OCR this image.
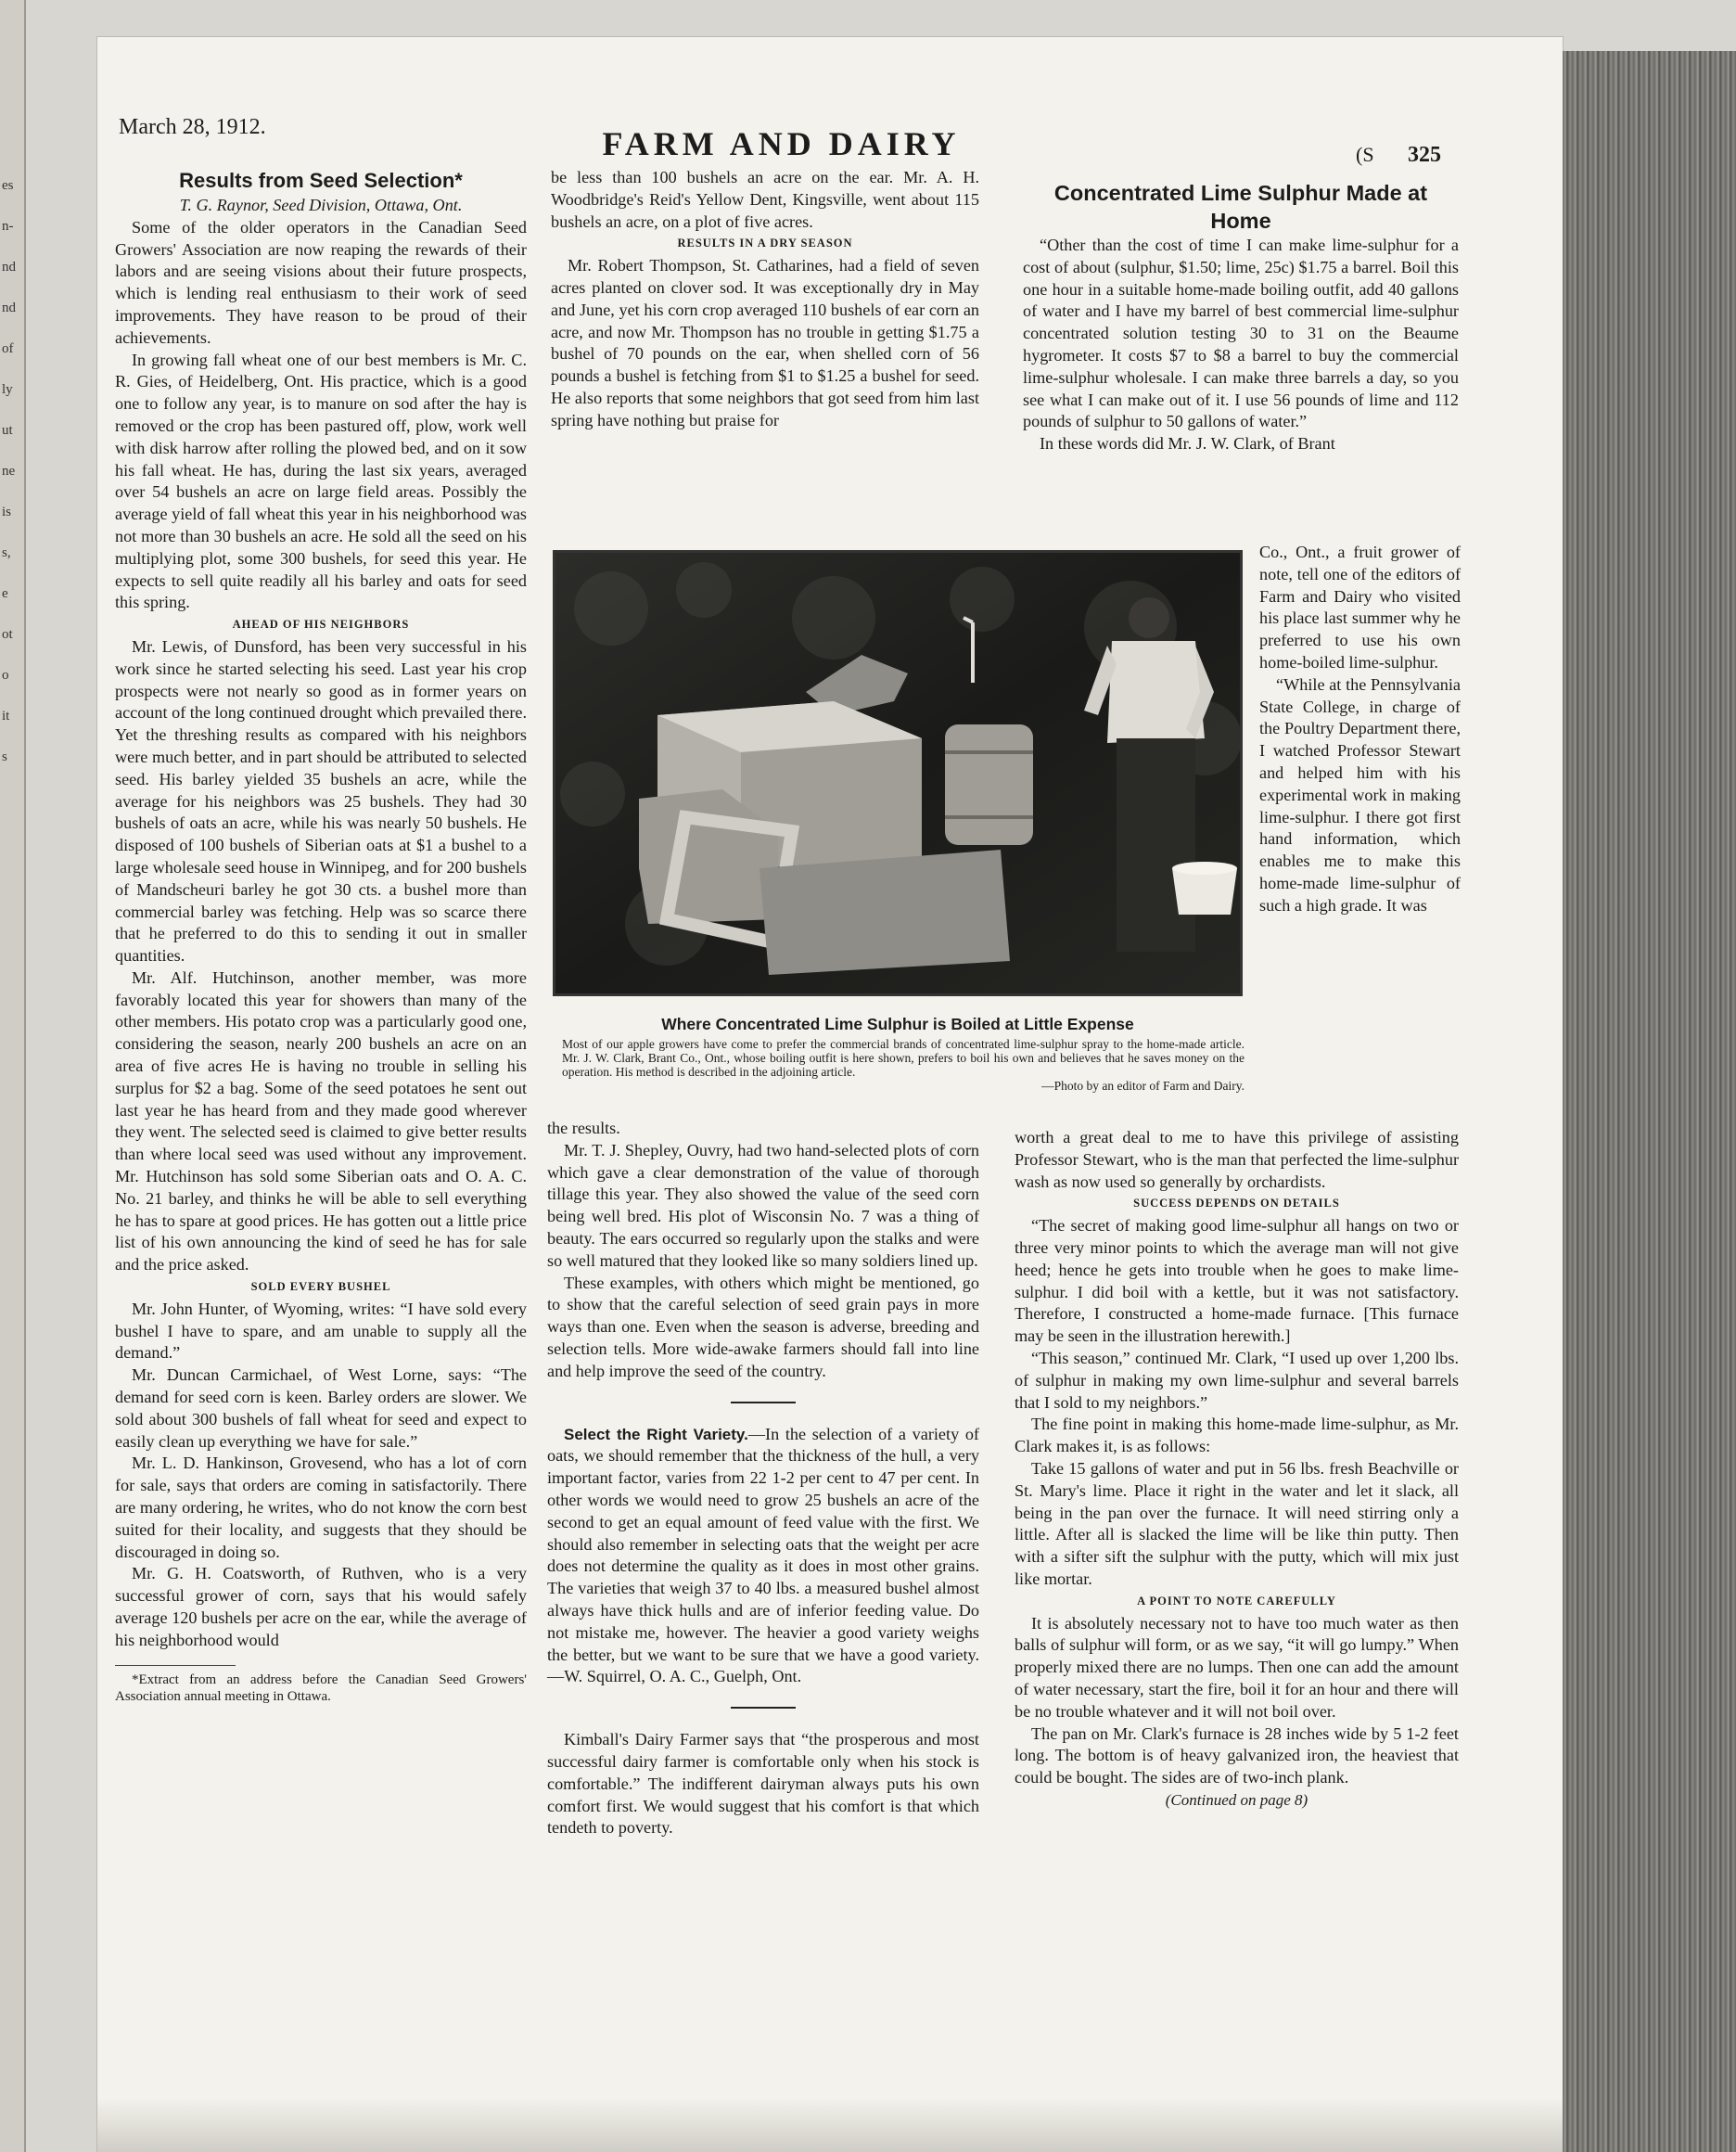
es
n-
nd
nd
of
ly
ut
ne
is
s,
e
ot
o
it
s
March 28, 1912.	FARM AND DAIRY	(S 325
Results from Seed Selection*

T. G. Raynor, Seed Division, Ottawa, Ont.

Some of the older operators in the Canadian Seed Growers' Association are now reaping the rewards of their labors and are seeing visions about their future prospects, which is lending real enthusiasm to their work of seed improvements. They have reason to be proud of their achievements.

In growing fall wheat one of our best members is Mr. C. R. Gies, of Heidelberg, Ont. His practice, which is a good one to follow any year, is to manure on sod after the hay is removed or the crop has been pastured off, plow, work well with disk harrow after rolling the plowed bed, and on it sow his fall wheat. He has, during the last six years, averaged over 54 bushels an acre on large field areas. Possibly the average yield of fall wheat this year in his neighborhood was not more than 30 bushels an acre. He sold all the seed on his multiplying plot, some 300 bushels, for seed this year. He expects to sell quite readily all his barley and oats for seed this spring.

AHEAD OF HIS NEIGHBORS

Mr. Lewis, of Dunsford, has been very successful in his work since he started selecting his seed. Last year his crop prospects were not nearly so good as in former years on account of the long continued drought which prevailed there. Yet the threshing results as compared with his neighbors were much better, and in part should be attributed to selected seed. His barley yielded 35 bushels an acre, while the average for his neighbors was 25 bushels. They had 30 bushels of oats an acre, while his was nearly 50 bushels. He disposed of 100 bushels of Siberian oats at $1 a bushel to a large wholesale seed house in Winnipeg, and for 200 bushels of Mandscheuri barley he got 30 cts. a bushel more than commercial barley was fetching. Help was so scarce there that he preferred to do this to sending it out in smaller quantities.

Mr. Alf. Hutchinson, another member, was more favorably located this year for showers than many of the other members. His potato crop was a particularly good one, considering the season, nearly 200 bushels an acre on an area of five acres He is having no trouble in selling his surplus for $2 a bag. Some of the seed potatoes he sent out last year he has heard from and they made good wherever they went. The selected seed is claimed to give better results than where local seed was used without any improvement. Mr. Hutchinson has sold some Siberian oats and O. A. C. No. 21 barley, and thinks he will be able to sell everything he has to spare at good prices. He has gotten out a little price list of his own announcing the kind of seed he has for sale and the price asked.

SOLD EVERY BUSHEL

Mr. John Hunter, of Wyoming, writes: “I have sold every bushel I have to spare, and am unable to supply all the demand.”

Mr. Duncan Carmichael, of West Lorne, says: “The demand for seed corn is keen. Barley orders are slower. We sold about 300 bushels of fall wheat for seed and expect to easily clean up everything we have for sale.”

Mr. L. D. Hankinson, Grovesend, who has a lot of corn for sale, says that orders are coming in satisfactorily. There are many ordering, he writes, who do not know the corn best suited for their locality, and suggests that they should be discouraged in doing so.

Mr. G. H. Coatsworth, of Ruthven, who is a very successful grower of corn, says that his would safely average 120 bushels per acre on the ear, while the average of his neighborhood would

*Extract from an address before the Canadian Seed Growers' Association annual meeting in Ottawa.

be less than 100 bushels an acre on the ear. Mr. A. H. Woodbridge's Reid's Yellow Dent, Kingsville, went about 115 bushels an acre, on a plot of five acres.

RESULTS IN A DRY SEASON

Mr. Robert Thompson, St. Catharines, had a field of seven acres planted on clover sod. It was exceptionally dry in May and June, yet his corn crop averaged 110 bushels of ear corn an acre, and now Mr. Thompson has no trouble in getting $1.75 a bushel of 70 pounds on the ear, when shelled corn of 56 pounds a bushel is fetching from $1 to $1.25 a bushel for seed. He also reports that some neighbors that got seed from him last spring have nothing but praise for

Where Concentrated Lime Sulphur is Boiled at Little Expense
Most of our apple growers have come to prefer the commercial brands of concentrated lime-sulphur spray to the home-made article. Mr. J. W. Clark, Brant Co., Ont., whose boiling outfit is here shown, prefers to boil his own and believes that he saves money on the operation. His method is described in the adjoining article.
—Photo by an editor of Farm and Dairy.

the results.

Mr. T. J. Shepley, Ouvry, had two hand-selected plots of corn which gave a clear demonstration of the value of thorough tillage this year. They also showed the value of the seed corn being well bred. His plot of Wisconsin No. 7 was a thing of beauty. The ears occurred so regularly upon the stalks and were so well matured that they looked like so many soldiers lined up.

These examples, with others which might be mentioned, go to show that the careful selection of seed grain pays in more ways than one. Even when the season is adverse, breeding and selection tells. More wide-awake farmers should fall into line and help improve the seed of the country.

Select the Right Variety.—In the selection of a variety of oats, we should remember that the thickness of the hull, a very important factor, varies from 22 1-2 per cent to 47 per cent. In other words we would need to grow 25 bushels an acre of the second to get an equal amount of feed value with the first. We should also remember in selecting oats that the weight per acre does not determine the quality as it does in most other grains. The varieties that weigh 37 to 40 lbs. a measured bushel almost always have thick hulls and are of inferior feeding value. Do not mistake me, however. The heavier a good variety weighs the better, but we want to be sure that we have a good variety.—W. Squirrel, O. A. C., Guelph, Ont.

Kimball's Dairy Farmer says that “the prosperous and most successful dairy farmer is comfortable only when his stock is comfortable.” The indifferent dairyman always puts his own comfort first. We would suggest that his comfort is that which tendeth to poverty.

Concentrated Lime Sulphur Made at Home

“Other than the cost of time I can make lime-sulphur for a cost of about (sulphur, $1.50; lime, 25c) $1.75 a barrel. Boil this one hour in a suitable home-made boiling outfit, add 40 gallons of water and I have my barrel of best commercial lime-sulphur concentrated solution testing 30 to 31 on the Beaume hygrometer. It costs $7 to $8 a barrel to buy the commercial lime-sulphur wholesale. I can make three barrels a day, so you see what I can make out of it. I use 56 pounds of lime and 112 pounds of sulphur to 50 gallons of water.”

In these words did Mr. J. W. Clark, of Brant

Co., Ont., a fruit grower of note, tell one of the editors of Farm and Dairy who visited his place last summer why he preferred to use his own home-boiled lime-sulphur.

“While at the Pennsylvania State College, in charge of the Poultry Department there, I watched Professor Stewart and helped him with his experimental work in making lime-sulphur. I there got first hand information, which enables me to make this home-made lime-sulphur of such a high grade. It was

worth a great deal to me to have this privilege of assisting Professor Stewart, who is the man that perfected the lime-sulphur wash as now used so generally by orchardists.

SUCCESS DEPENDS ON DETAILS

“The secret of making good lime-sulphur all hangs on two or three very minor points to which the average man will not give heed; hence he gets into trouble when he goes to make lime-sulphur. I did boil with a kettle, but it was not satisfactory. Therefore, I constructed a home-made furnace. [This furnace may be seen in the illustration herewith.]

“This season,” continued Mr. Clark, “I used up over 1,200 lbs. of sulphur in making my own lime-sulphur and several barrels that I sold to my neighbors.”

The fine point in making this home-made lime-sulphur, as Mr. Clark makes it, is as follows:

Take 15 gallons of water and put in 56 lbs. fresh Beachville or St. Mary's lime. Place it right in the water and let it slack, all being in the pan over the furnace. It will need stirring only a little. After all is slacked the lime will be like thin putty. Then with a sifter sift the sulphur with the putty, which will mix just like mortar.

A POINT TO NOTE CAREFULLY

It is absolutely necessary not to have too much water as then balls of sulphur will form, or as we say, “it will go lumpy.” When properly mixed there are no lumps. Then one can add the amount of water necessary, start the fire, boil it for an hour and there will be no trouble whatever and it will not boil over.

The pan on Mr. Clark's furnace is 28 inches wide by 5 1-2 feet long. The bottom is of heavy galvanized iron, the heaviest that could be bought. The sides are of two-inch plank.

(Continued on page 8)
